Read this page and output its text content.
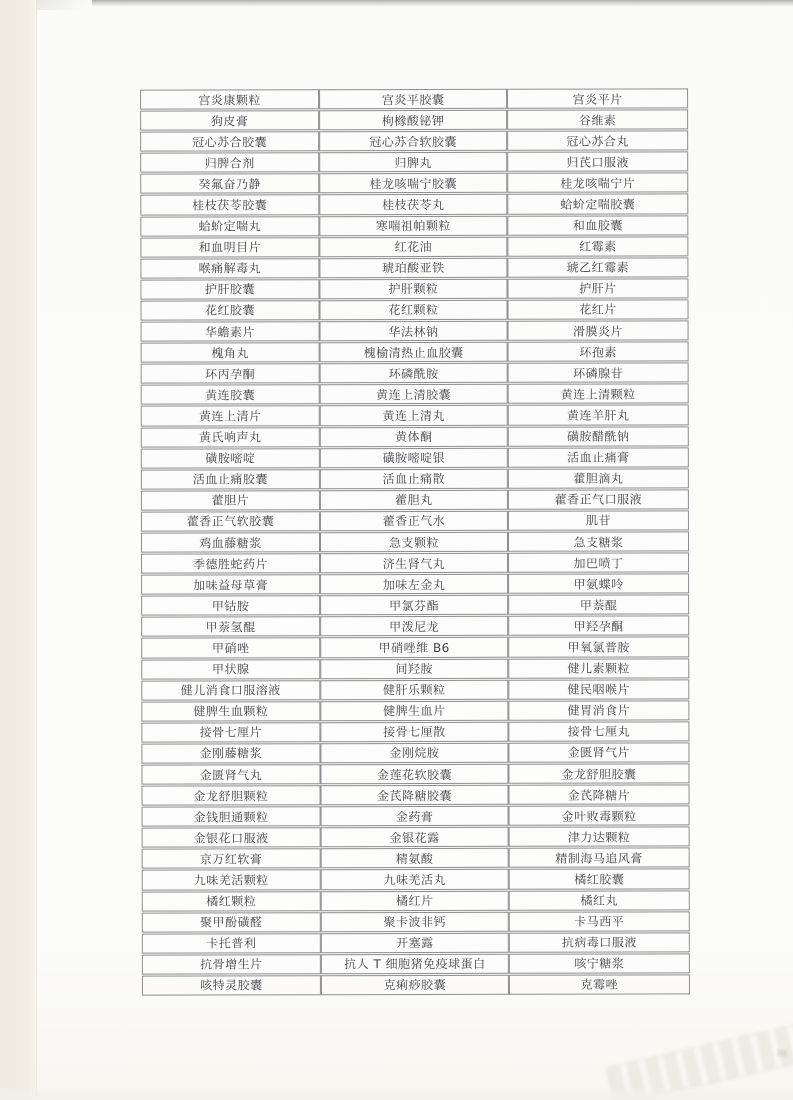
宫炎康颗粒	宫炎平胶囊	宫炎平片
狗皮膏	枸橼酸铋钾	谷维素
冠心苏合胶囊	冠心苏合软胶囊	冠心苏合丸
归脾合剂	归脾丸	归芪口服液
癸氟奋乃静	桂龙咳喘宁胶囊	桂龙咳喘宁片
桂枝茯苓胶囊	桂枝茯苓丸	蛤蚧定喘胶囊
蛤蚧定喘丸	寒喘祖帕颗粒	和血胶囊
和血明目片	红花油	红霉素
喉痛解毒丸	琥珀酸亚铁	琥乙红霉素
护肝胶囊	护肝颗粒	护肝片
花红胶囊	花红颗粒	花红片
华蟾素片	华法林钠	滑膜炎片
槐角丸	槐榆清热止血胶囊	环孢素
环丙孕酮	环磷酰胺	环磷腺苷
黄连胶囊	黄连上清胶囊	黄连上清颗粒
黄连上清片	黄连上清丸	黄连羊肝丸
黄氏响声丸	黄体酮	磺胺醋酰钠
磺胺嘧啶	磺胺嘧啶银	活血止痛膏
活血止痛胶囊	活血止痛散	藿胆滴丸
藿胆片	藿胆丸	藿香正气口服液
藿香正气软胶囊	藿香正气水	肌苷
鸡血藤糖浆	急支颗粒	急支糖浆
季德胜蛇药片	济生肾气丸	加巴喷丁
加味益母草膏	加味左金丸	甲氨蝶呤
甲钴胺	甲氯芬酯	甲萘醌
甲萘氢醌	甲泼尼龙	甲羟孕酮
甲硝唑	甲硝唑维 B6	甲氧氯普胺
甲状腺	间羟胺	健儿素颗粒
健儿消食口服溶液	健肝乐颗粒	健民咽喉片
健脾生血颗粒	健脾生血片	健胃消食片
接骨七厘片	接骨七厘散	接骨七厘丸
金刚藤糖浆	金刚烷胺	金匮肾气片
金匮肾气丸	金莲花软胶囊	金龙舒胆胶囊
金龙舒胆颗粒	金芪降糖胶囊	金芪降糖片
金钱胆通颗粒	金药膏	金叶败毒颗粒
金银花口服液	金银花露	津力达颗粒
京万红软膏	精氨酸	精制海马追风膏
九味羌活颗粒	九味羌活丸	橘红胶囊
橘红颗粒	橘红片	橘红丸
聚甲酚磺醛	聚卡波非钙	卡马西平
卡托普利	开塞露	抗病毒口服液
抗骨增生片	抗人 T 细胞猪免疫球蛋白	咳宁糖浆
咳特灵胶囊	克痢痧胶囊	克霉唑
